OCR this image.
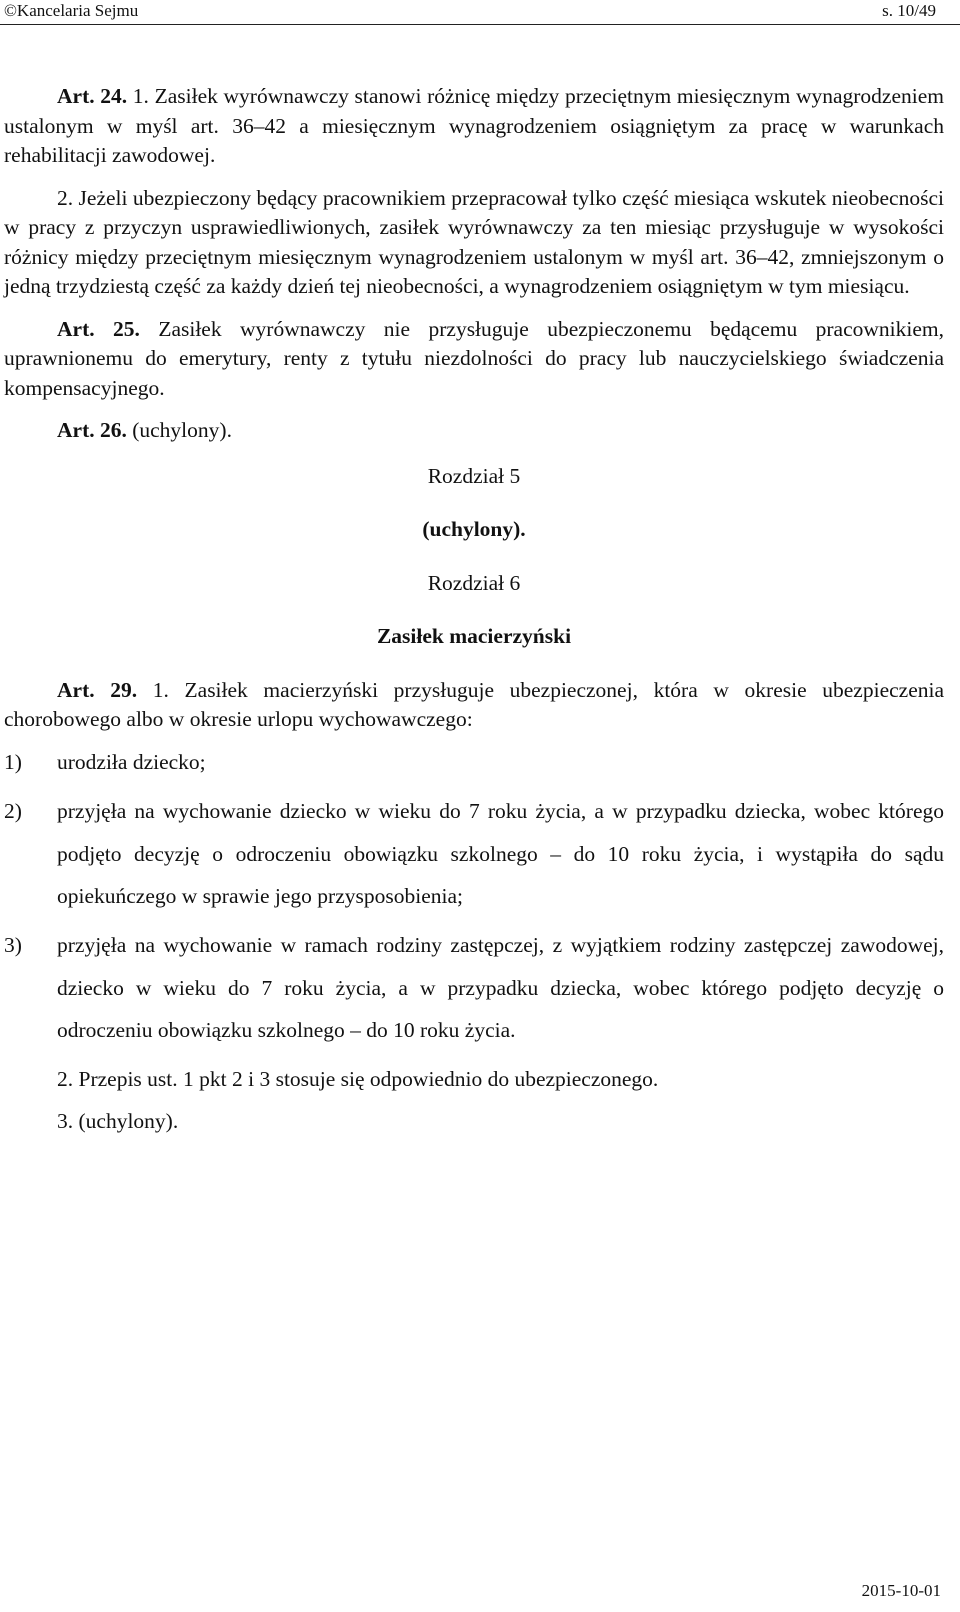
©Kancelaria Sejmu	s. 10/49

Art. 24. 1. Zasiłek wyrównawczy stanowi różnicę między przeciętnym miesięcznym wynagrodzeniem ustalonym w myśl art. 36–42 a miesięcznym wynagrodzeniem osiągniętym za pracę w warunkach rehabilitacji zawodowej.

2. Jeżeli ubezpieczony będący pracownikiem przepracował tylko część miesiąca wskutek nieobecności w pracy z przyczyn usprawiedliwionych, zasiłek wyrównawczy za ten miesiąc przysługuje w wysokości różnicy między przeciętnym miesięcznym wynagrodzeniem ustalonym w myśl art. 36–42, zmniejszonym o jedną trzydziestą część za każdy dzień tej nieobecności, a wynagrodzeniem osiągniętym w tym miesiącu.

Art. 25. Zasiłek wyrównawczy nie przysługuje ubezpieczonemu będącemu pracownikiem, uprawnionemu do emerytury, renty z tytułu niezdolności do pracy lub nauczycielskiego świadczenia kompensacyjnego.

Art. 26. (uchylony).

Rozdział 5
(uchylony).
Rozdział 6
Zasiłek macierzyński

Art. 29. 1. Zasiłek macierzyński przysługuje ubezpieczonej, która w okresie ubezpieczenia chorobowego albo w okresie urlopu wychowawczego:

1)	urodziła dziecko;
2)	przyjęła na wychowanie dziecko w wieku do 7 roku życia, a w przypadku dziecka, wobec którego podjęto decyzję o odroczeniu obowiązku szkolnego – do 10 roku życia, i wystąpiła do sądu opiekuńczego w sprawie jego przysposobienia;
3)	przyjęła na wychowanie w ramach rodziny zastępczej, z wyjątkiem rodziny zastępczej zawodowej, dziecko w wieku do 7 roku życia, a w przypadku dziecka, wobec którego podjęto decyzję o odroczeniu obowiązku szkolnego – do 10 roku życia.

2. Przepis ust. 1 pkt 2 i 3 stosuje się odpowiednio do ubezpieczonego.

3. (uchylony).

2015-10-01
